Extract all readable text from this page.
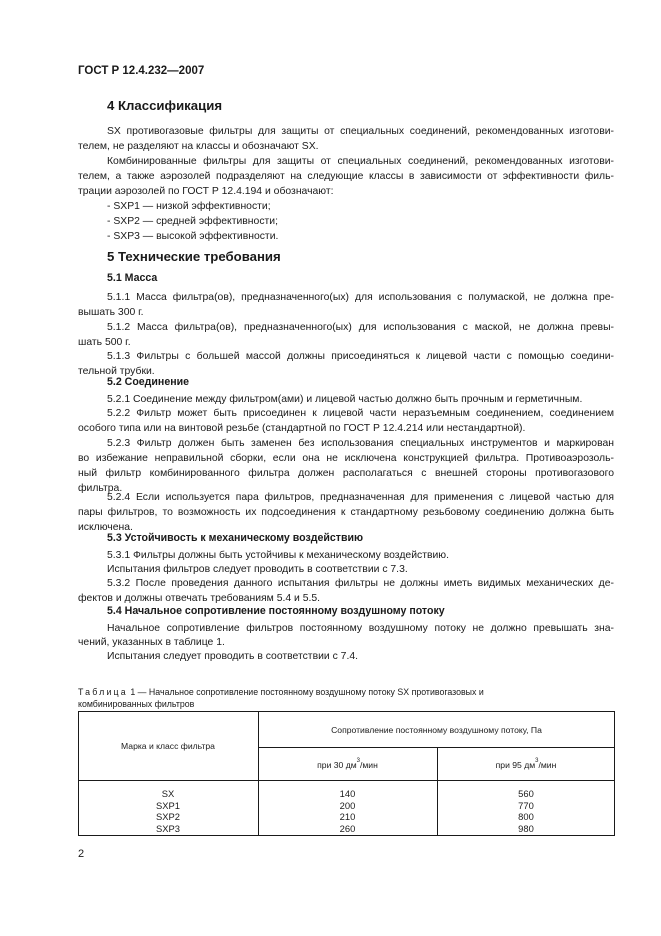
ГОСТ Р 12.4.232—2007
4 Классификация
SX противогазовые фильтры для защиты от специальных соединений, рекомендованных изготови-
телем, не разделяют на классы и обозначают SX.
Комбинированные фильтры для защиты от специальных соединений, рекомендованных изготови-
телем, а также аэрозолей подразделяют на следующие классы в зависимости от эффективности филь-
трации аэрозолей по ГОСТ Р 12.4.194 и обозначают:
- SXP1 — низкой эффективности;
- SXP2 — средней эффективности;
- SXP3 — высокой эффективности.
5 Технические требования
5.1 Масса
5.1.1 Масса фильтра(ов), предназначенного(ых) для использования с полумаской, не должна пре-
вышать 300 г.
5.1.2 Масса фильтра(ов), предназначенного(ых) для использования с маской, не должна превы-
шать 500 г.
5.1.3 Фильтры с большей массой должны присоединяться к лицевой части с помощью соедини-
тельной трубки.
5.2 Соединение
5.2.1 Соединение между фильтром(ами) и лицевой частью должно быть прочным и герметичным.
5.2.2 Фильтр может быть присоединен к лицевой части неразъемным соединением, соединением
особого типа или на винтовой резьбе (стандартной по ГОСТ Р 12.4.214 или нестандартной).
5.2.3 Фильтр должен быть заменен без использования специальных инструментов и маркирован
во избежание неправильной сборки, если она не исключена конструкцией фильтра. Противоаэрозоль-
ный фильтр комбинированного фильтра должен располагаться с внешней стороны противогазового
фильтра.
5.2.4 Если используется пара фильтров, предназначенная для применения с лицевой частью для
пары фильтров, то возможность их подсоединения к стандартному резьбовому соединению должна быть
исключена.
5.3 Устойчивость к механическому воздействию
5.3.1 Фильтры должны быть устойчивы к механическому воздействию.
Испытания фильтров следует проводить в соответствии с 7.3.
5.3.2 После проведения данного испытания фильтры не должны иметь видимых механических де-
фектов и должны отвечать требованиям 5.4 и 5.5.
5.4 Начальное сопротивление постоянному воздушному потоку
Начальное сопротивление фильтров постоянному воздушному потоку не должно превышать зна-
чений, указанных в таблице 1.
Испытания следует проводить в соответствии с 7.4.
Таблица 1 — Начальное сопротивление постоянному воздушному потоку SX противогазовых и
комбинированных фильтров
Марка и класс фильтра
Сопротивление постоянному воздушному потоку, Па
при 30 $дм^3$/мин	при 95 $дм^3$/мин
SX
SXP1
SXP2
SXP3
140
200
210
260
560
770
800
980
2
